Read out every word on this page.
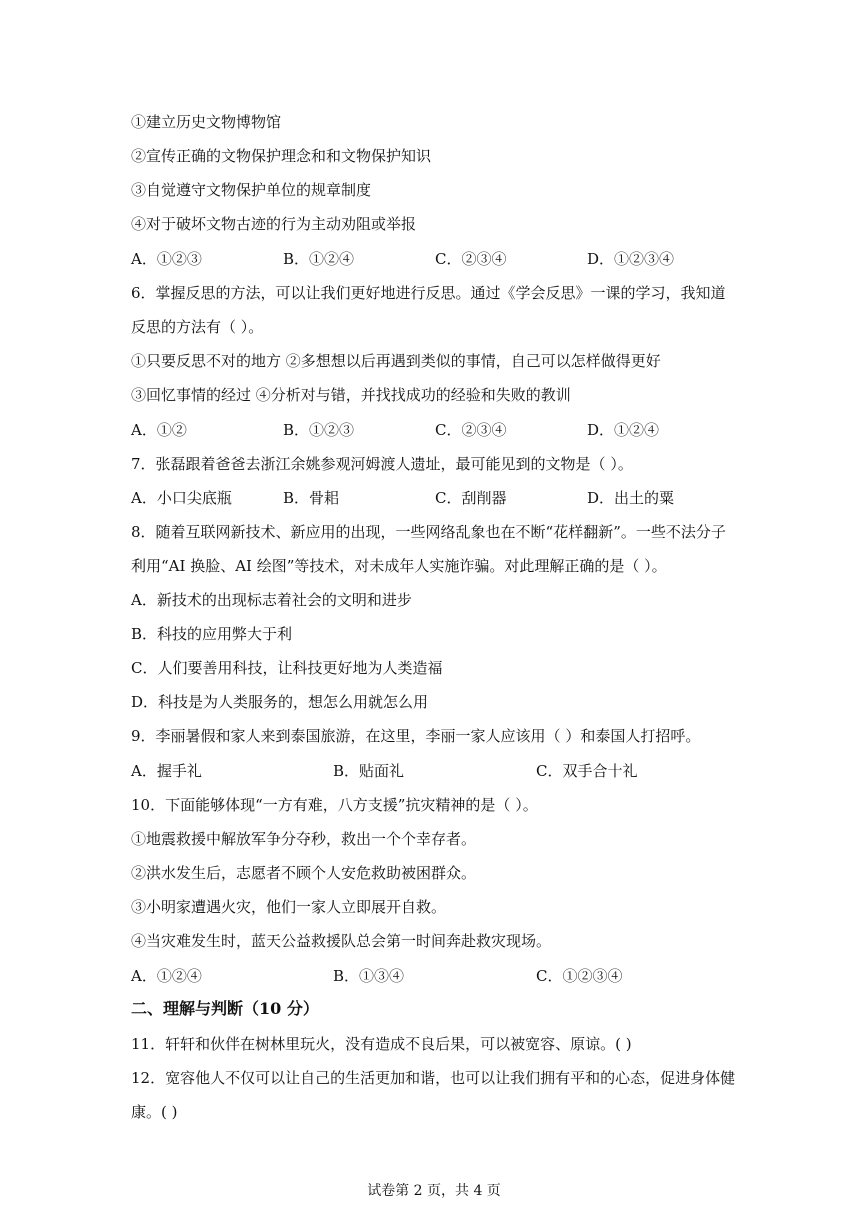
①建立历史文物博物馆
②宣传正确的文物保护理念和和文物保护知识
③自觉遵守文物保护单位的规章制度
④对于破坏文物古迹的行为主动劝阻或举报
A．①②③	B．①②④	C．②③④	D．①②③④
6．掌握反思的方法，可以让我们更好地进行反思。通过《学会反思》一课的学习，我知道
反思的方法有（ ）。
①只要反思不对的地方 ②多想想以后再遇到类似的事情，自己可以怎样做得更好
③回忆事情的经过 ④分析对与错，并找找成功的经验和失败的教训
A．①②	B．①②③	C．②③④	D．①②④
7．张磊跟着爸爸去浙江余姚参观河姆渡人遗址，最可能见到的文物是（ ）。
A．小口尖底瓶	B．骨耜	C．刮削器	D．出土的粟
8．随着互联网新技术、新应用的出现，一些网络乱象也在不断“花样翻新”。一些不法分子
利用“AI 换脸、AI 绘图”等技术，对未成年人实施诈骗。对此理解正确的是（ ）。
A．新技术的出现标志着社会的文明和进步
B．科技的应用弊大于利
C．人们要善用科技，让科技更好地为人类造福
D．科技是为人类服务的，想怎么用就怎么用
9．李丽暑假和家人来到泰国旅游，在这里，李丽一家人应该用（ ）和泰国人打招呼。
A．握手礼	B．贴面礼	C．双手合十礼
10．下面能够体现“一方有难，八方支援”抗灾精神的是（ ）。
①地震救援中解放军争分夺秒，救出一个个幸存者。
②洪水发生后，志愿者不顾个人安危救助被困群众。
③小明家遭遇火灾，他们一家人立即展开自救。
④当灾难发生时，蓝天公益救援队总会第一时间奔赴救灾现场。
A．①②④	B．①③④	C．①②③④
二、理解与判断（10 分）
11．轩轩和伙伴在树林里玩火，没有造成不良后果，可以被宽容、原谅。( )
12．宽容他人不仅可以让自己的生活更加和谐，也可以让我们拥有平和的心态，促进身体健
康。( )
试卷第 2 页，共 4 页
